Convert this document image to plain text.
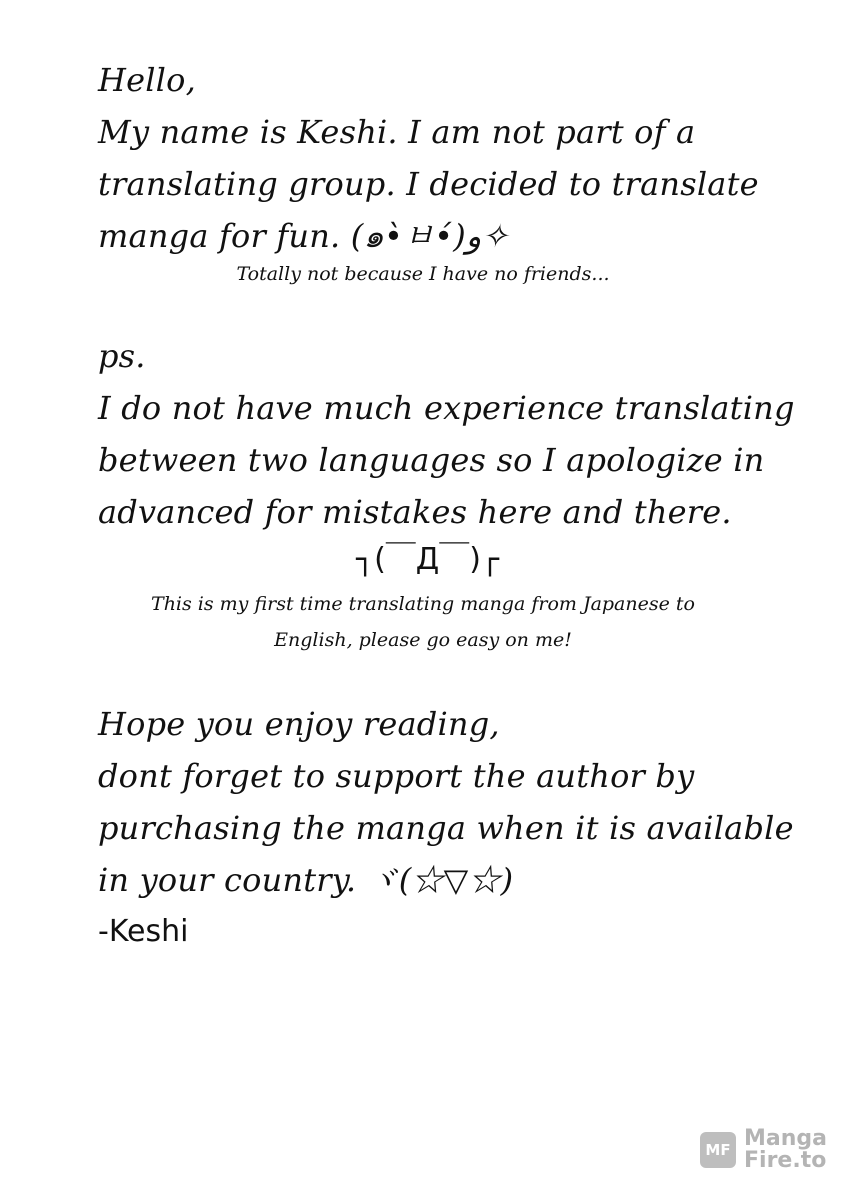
Hello,
My name is Keshi. I am not part of a
translating group. I decided to translate
manga for fun. (๑•̀ㅂ•́)و✧
Totally not because I have no friends...
ps.
I do not have much experience translating
between two languages so I apologize in
advanced for mistakes here and there.
┐(￣Д￣)┌
This is my first time translating manga from Japanese to
English, please go easy on me!
Hope you enjoy reading,
dont forget to support the author by
purchasing the manga when it is available
in your country. ヾ(☆▽☆)
-Keshi
MF Manga
Fire.to
